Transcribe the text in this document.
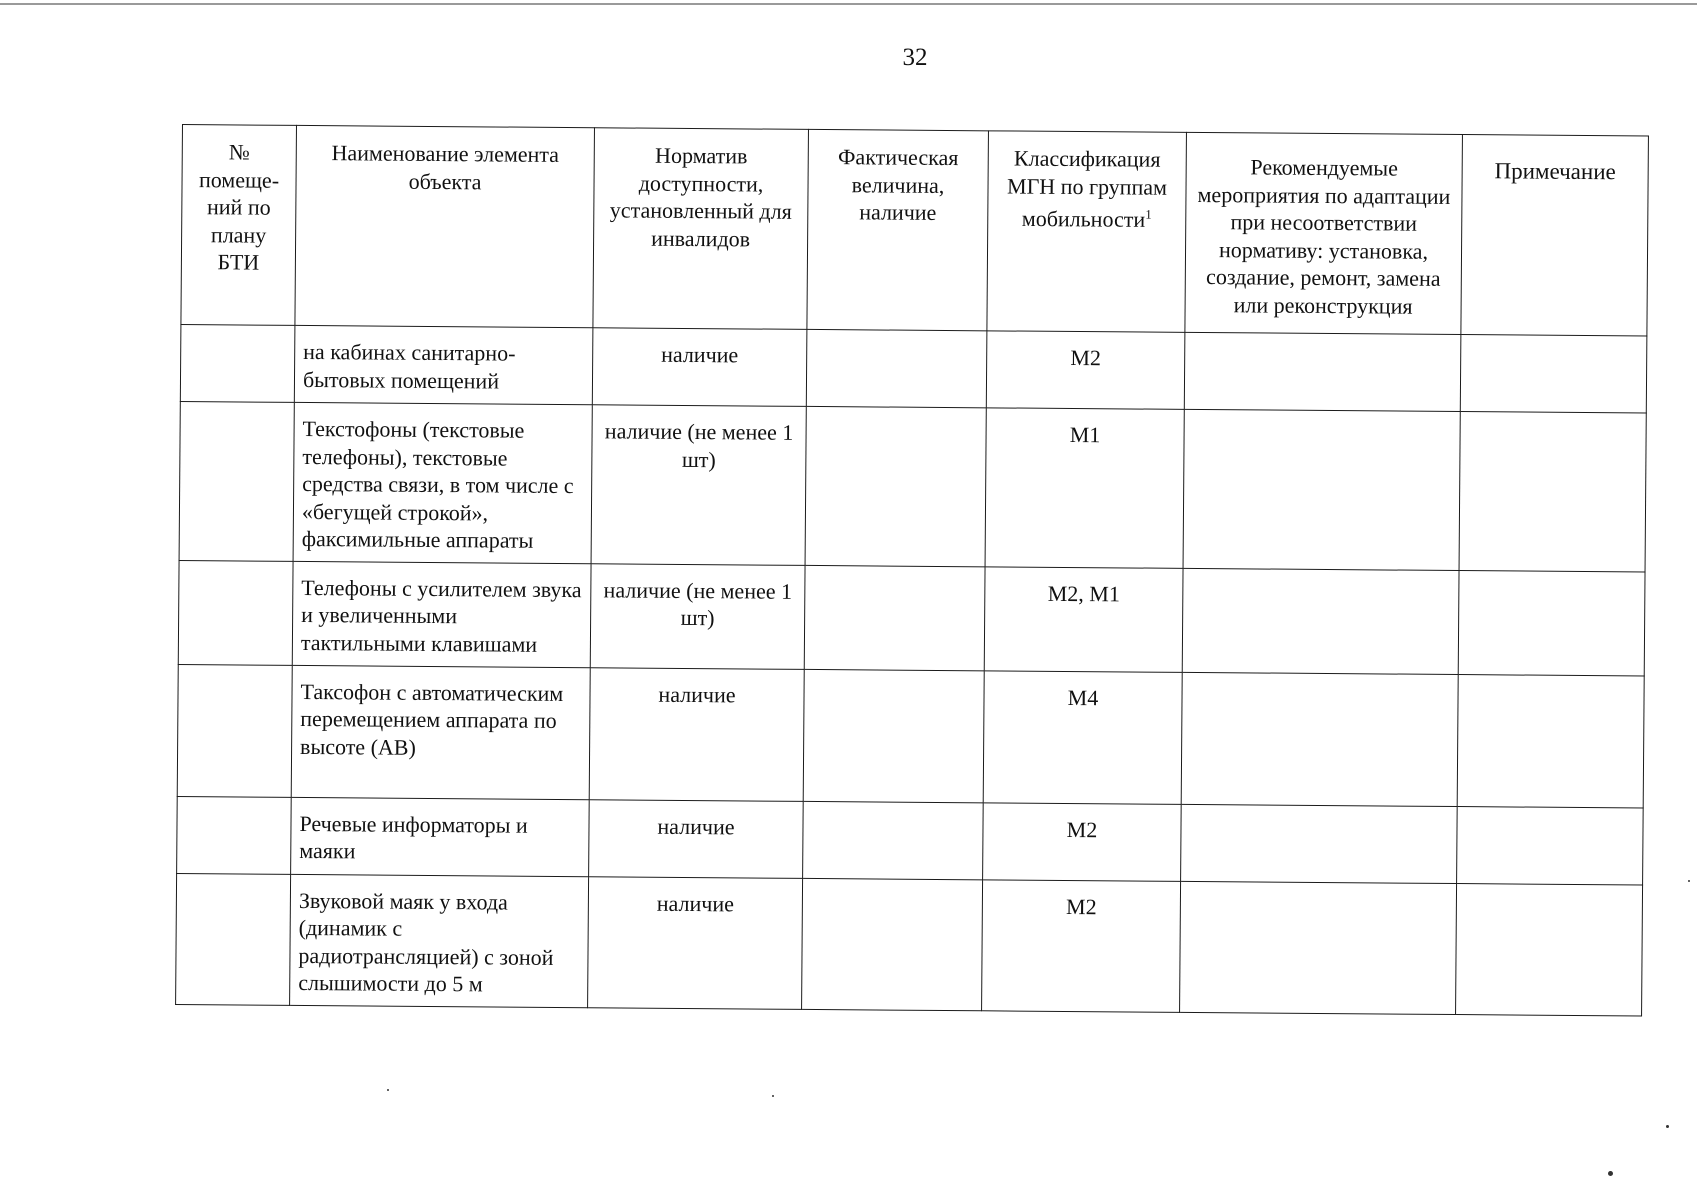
32
№ помеще-ний по плану БТИ	Наименование элемента объекта	Норматив доступности, установленный для инвалидов	Фактическая величина, наличие	Классификация МГН по группам мобильности$^1$	Рекомендуемые мероприятия по адаптации при несоответствии нормативу: установка, создание, ремонт, замена или реконструкция	Примечание
	на кабинах санитарно-бытовых помещений	наличие		М2		
	Текстофоны (текстовые телефоны), текстовые средства связи, в том числе с «бегущей строкой», факсимильные аппараты	наличие (не менее 1 шт)		М1		
	Телефоны с усилителем звука и увеличенными тактильными клавишами	наличие (не менее 1 шт)		М2, М1		
	Таксофон с автоматическим перемещением аппарата по высоте (АВ)	наличие		М4		
	Речевые информаторы и маяки	наличие		М2		
	Звуковой маяк у входа (динамик с радиотрансляцией) с зоной слышимости до 5 м	наличие		М2		
